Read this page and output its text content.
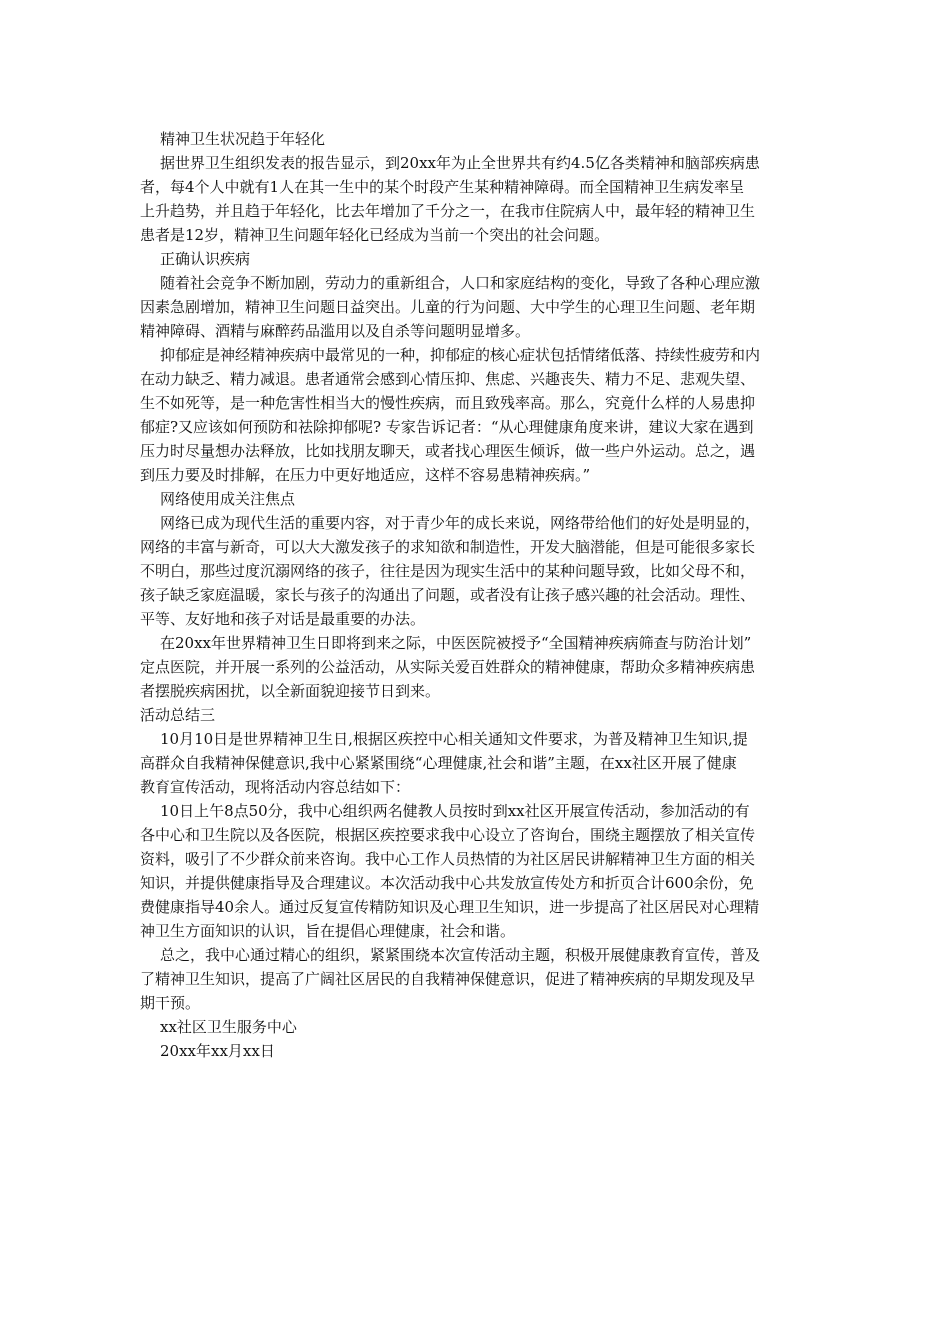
精神卫生状况趋于年轻化
据世界卫生组织发表的报告显示，到20xx年为止全世界共有约4.5亿各类精神和脑部疾病患
者，每4个人中就有1人在其一生中的某个时段产生某种精神障碍。而全国精神卫生病发率呈
上升趋势，并且趋于年轻化，比去年增加了千分之一，在我市住院病人中，最年轻的精神卫生
患者是12岁，精神卫生问题年轻化已经成为当前一个突出的社会问题。
正确认识疾病
随着社会竞争不断加剧，劳动力的重新组合，人口和家庭结构的变化，导致了各种心理应激
因素急剧增加，精神卫生问题日益突出。儿童的行为问题、大中学生的心理卫生问题、老年期
精神障碍、酒精与麻醉药品滥用以及自杀等问题明显增多。
抑郁症是神经精神疾病中最常见的一种，抑郁症的核心症状包括情绪低落、持续性疲劳和内
在动力缺乏、精力减退。患者通常会感到心情压抑、焦虑、兴趣丧失、精力不足、悲观失望、
生不如死等，是一种危害性相当大的慢性疾病，而且致残率高。那么，究竟什么样的人易患抑
郁症?又应该如何预防和祛除抑郁呢? 专家告诉记者：“从心理健康角度来讲，建议大家在遇到
压力时尽量想办法释放，比如找朋友聊天，或者找心理医生倾诉，做一些户外运动。总之，遇
到压力要及时排解，在压力中更好地适应，这样不容易患精神疾病。”
网络使用成关注焦点
网络已成为现代生活的重要内容，对于青少年的成长来说，网络带给他们的好处是明显的，
网络的丰富与新奇，可以大大激发孩子的求知欲和制造性，开发大脑潜能，但是可能很多家长
不明白，那些过度沉溺网络的孩子，往往是因为现实生活中的某种问题导致，比如父母不和，
孩子缺乏家庭温暖，家长与孩子的沟通出了问题，或者没有让孩子感兴趣的社会活动。理性、
平等、友好地和孩子对话是最重要的办法。
在20xx年世界精神卫生日即将到来之际，中医医院被授予“全国精神疾病筛查与防治计划”
定点医院，并开展一系列的公益活动，从实际关爱百姓群众的精神健康，帮助众多精神疾病患
者摆脱疾病困扰，以全新面貌迎接节日到来。
活动总结三
10月10日是世界精神卫生日,根据区疾控中心相关通知文件要求，为普及精神卫生知识,提
高群众自我精神保健意识,我中心紧紧围绕“心理健康,社会和谐”主题，在xx社区开展了健康
教育宣传活动，现将活动内容总结如下：
10日上午8点50分，我中心组织两名健教人员按时到xx社区开展宣传活动，参加活动的有
各中心和卫生院以及各医院，根据区疾控要求我中心设立了咨询台，围绕主题摆放了相关宣传
资料，吸引了不少群众前来咨询。我中心工作人员热情的为社区居民讲解精神卫生方面的相关
知识，并提供健康指导及合理建议。本次活动我中心共发放宣传处方和折页合计600余份，免
费健康指导40余人。通过反复宣传精防知识及心理卫生知识，进一步提高了社区居民对心理精
神卫生方面知识的认识，旨在提倡心理健康，社会和谐。
总之，我中心通过精心的组织，紧紧围绕本次宣传活动主题，积极开展健康教育宣传，普及
了精神卫生知识，提高了广阔社区居民的自我精神保健意识，促进了精神疾病的早期发现及早
期干预。
xx社区卫生服务中心
20xx年xx月xx日
